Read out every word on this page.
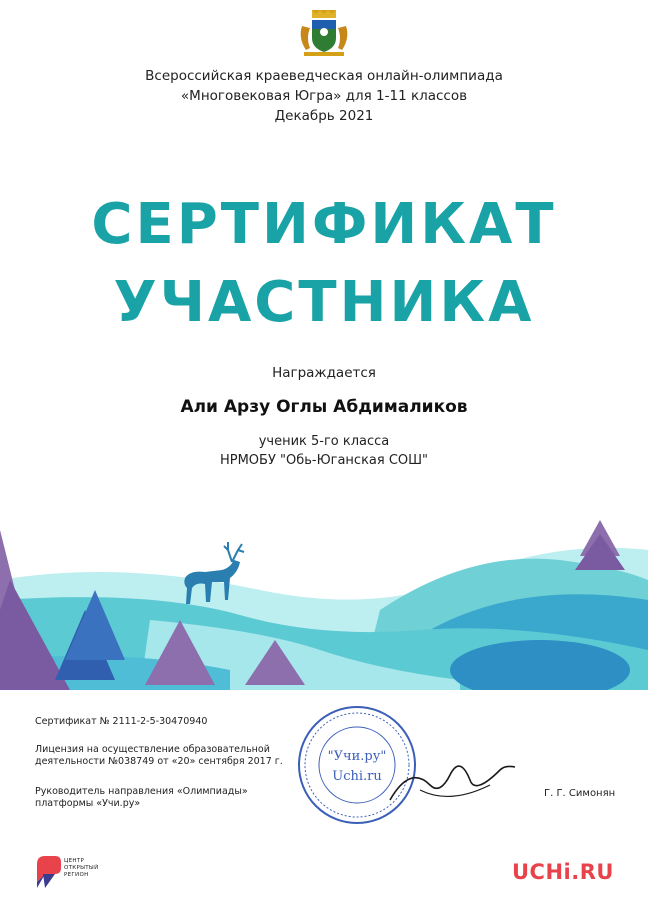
Всероссийская краеведческая онлайн-олимпиада
«Многовековая Югра» для 1-11 классов
Декабрь 2021
СЕРТИФИКАТ
УЧАСТНИКА
Награждается
Али Арзу Оглы Абдималиков
ученик 5-го класса
НРМОБУ "Обь-Юганская СОШ"
Сертификат № 2111-2-5-30470940
Лицензия на осуществление образовательной
деятельности №038749 от «20» сентября 2017 г.
Руководитель направления «Олимпиады»
платформы «Учи.ру»
"Учи.ру"
Uchi.ru
Г. Г. Симонян
ЦЕНТР
ОТКРЫТЫЙ
РЕГИОН	UCHi.RU
